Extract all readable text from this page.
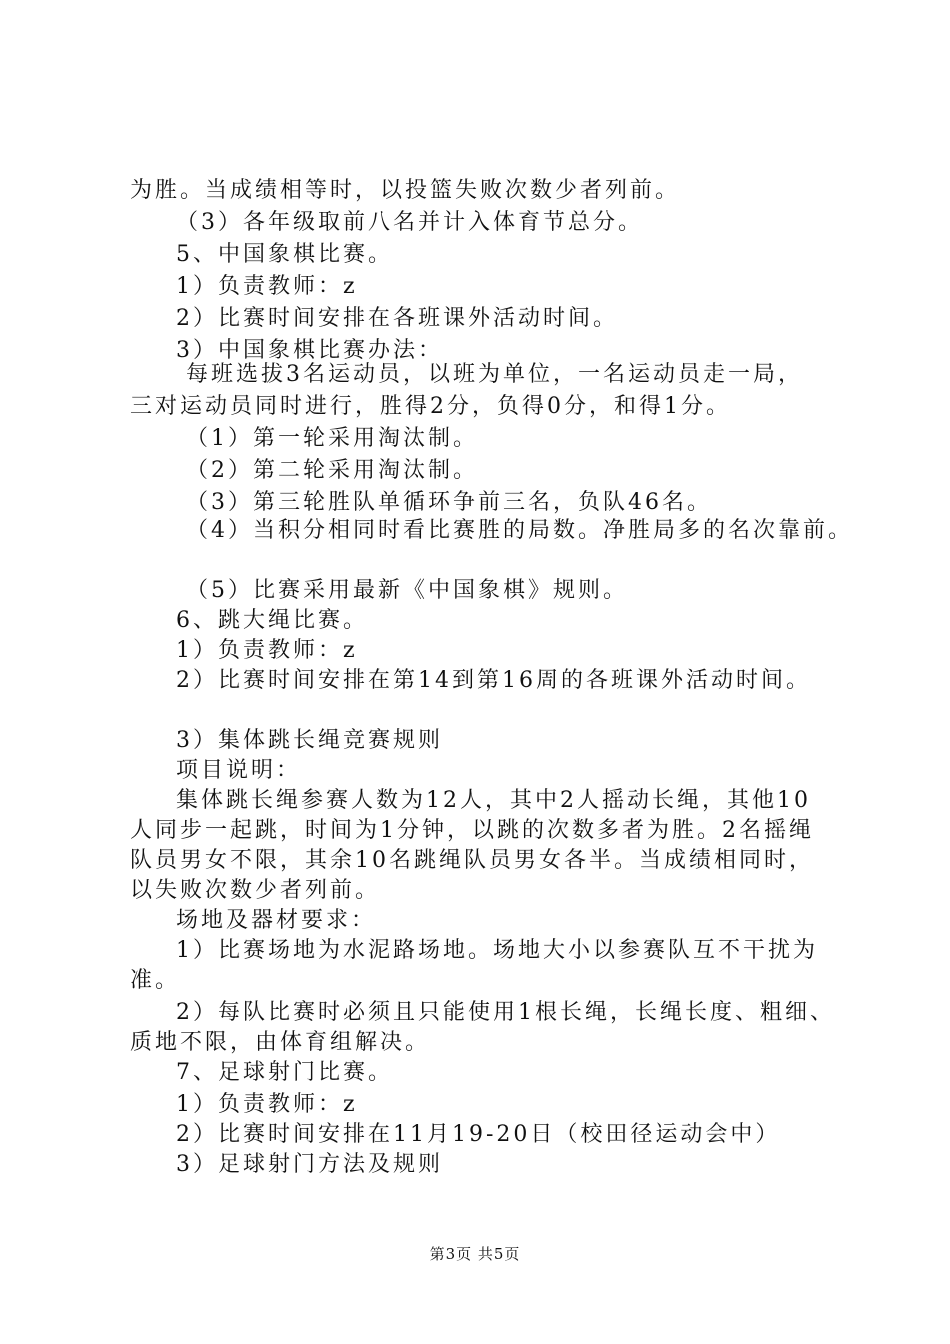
为胜。当成绩相等时，以投篮失败次数少者列前。
（3）各年级取前八名并计入体育节总分。
5、中国象棋比赛。
1）负责教师：z
2）比赛时间安排在各班课外活动时间。
3）中国象棋比赛办法：
每班选拔3名运动员，以班为单位，一名运动员走一局，
三对运动员同时进行，胜得2分，负得0分，和得1分。
（1）第一轮采用淘汰制。
（2）第二轮采用淘汰制。
（3）第三轮胜队单循环争前三名，负队46名。
（4）当积分相同时看比赛胜的局数。净胜局多的名次靠前。
（5）比赛采用最新《中国象棋》规则。
6、跳大绳比赛。
1）负责教师：z
2）比赛时间安排在第14到第16周的各班课外活动时间。
3）集体跳长绳竞赛规则
项目说明：
集体跳长绳参赛人数为12人，其中2人摇动长绳，其他10
人同步一起跳，时间为1分钟，以跳的次数多者为胜。2名摇绳
队员男女不限，其余10名跳绳队员男女各半。当成绩相同时，
以失败次数少者列前。
场地及器材要求：
1）比赛场地为水泥路场地。场地大小以参赛队互不干扰为
准。
2）每队比赛时必须且只能使用1根长绳，长绳长度、粗细、
质地不限，由体育组解决。
7、足球射门比赛。
1）负责教师：z
2）比赛时间安排在11月19-20日（校田径运动会中）
3）足球射门方法及规则
第3页 共5页
